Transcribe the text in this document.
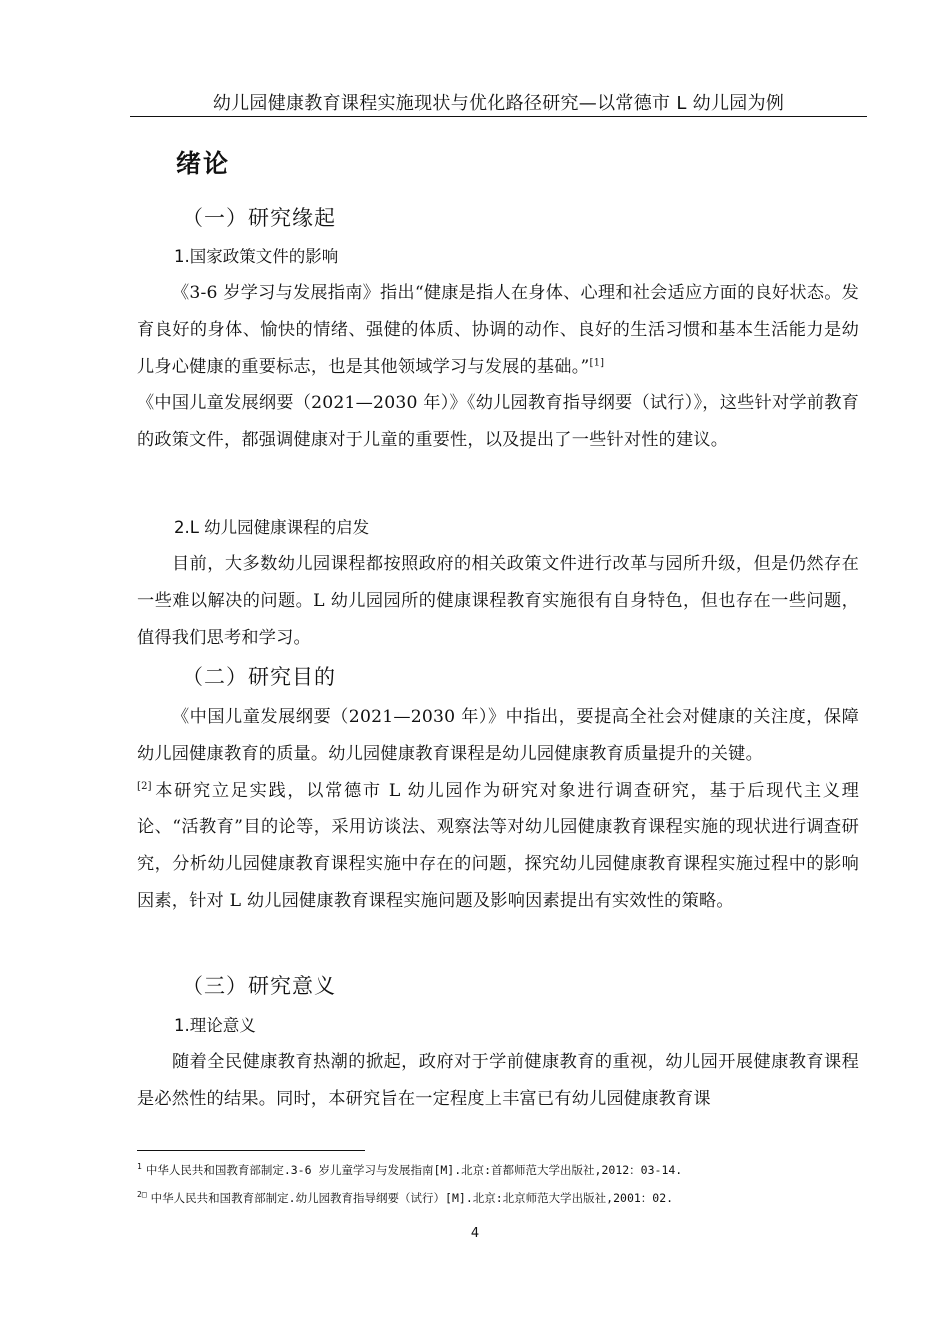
幼儿园健康教育课程实施现状与优化路径研究—以常德市 L 幼儿园为例
绪论
（一）研究缘起
1.国家政策文件的影响
《3-6 岁学习与发展指南》指出“健康是指人在身体、心理和社会适应方面的良好状态。发育良好的身体、愉快的情绪、强健的体质、协调的动作、良好的生活习惯和基本生活能力是幼儿身心健康的重要标志，也是其他领域学习与发展的基础。”[1]
《中国儿童发展纲要（2021—2030 年）》《幼儿园教育指导纲要（试行）》，这些针对学前教育的政策文件，都强调健康对于儿童的重要性，以及提出了一些针对性的建议。
2.L 幼儿园健康课程的启发
目前，大多数幼儿园课程都按照政府的相关政策文件进行改革与园所升级，但是仍然存在一些难以解决的问题。L 幼儿园园所的健康课程教育实施很有自身特色，但也存在一些问题，值得我们思考和学习。
（二）研究目的
《中国儿童发展纲要（2021—2030 年）》中指出，要提高全社会对健康的关注度，保障幼儿园健康教育的质量。幼儿园健康教育课程是幼儿园健康教育质量提升的关键。
[2] 本研究立足实践，以常德市 L 幼儿园作为研究对象进行调查研究，基于后现代主义理论、“活教育”目的论等，采用访谈法、观察法等对幼儿园健康教育课程实施的现状进行调查研究，分析幼儿园健康教育课程实施中存在的问题，探究幼儿园健康教育课程实施过程中的影响因素，针对 L 幼儿园健康教育课程实施问题及影响因素提出有实效性的策略。
（三）研究意义
1.理论意义
随着全民健康教育热潮的掀起，政府对于学前健康教育的重视，幼儿园开展健康教育课程是必然性的结果。同时，本研究旨在一定程度上丰富已有幼儿园健康教育课
$^1$ 中华人民共和国教育部制定.3-6 岁儿童学习与发展指南[M].北京:首都师范大学出版社,2012：03-14.
$^{2□}$ 中华人民共和国教育部制定.幼儿园教育指导纲要（试行）[M].北京:北京师范大学出版社,2001：02.
4
